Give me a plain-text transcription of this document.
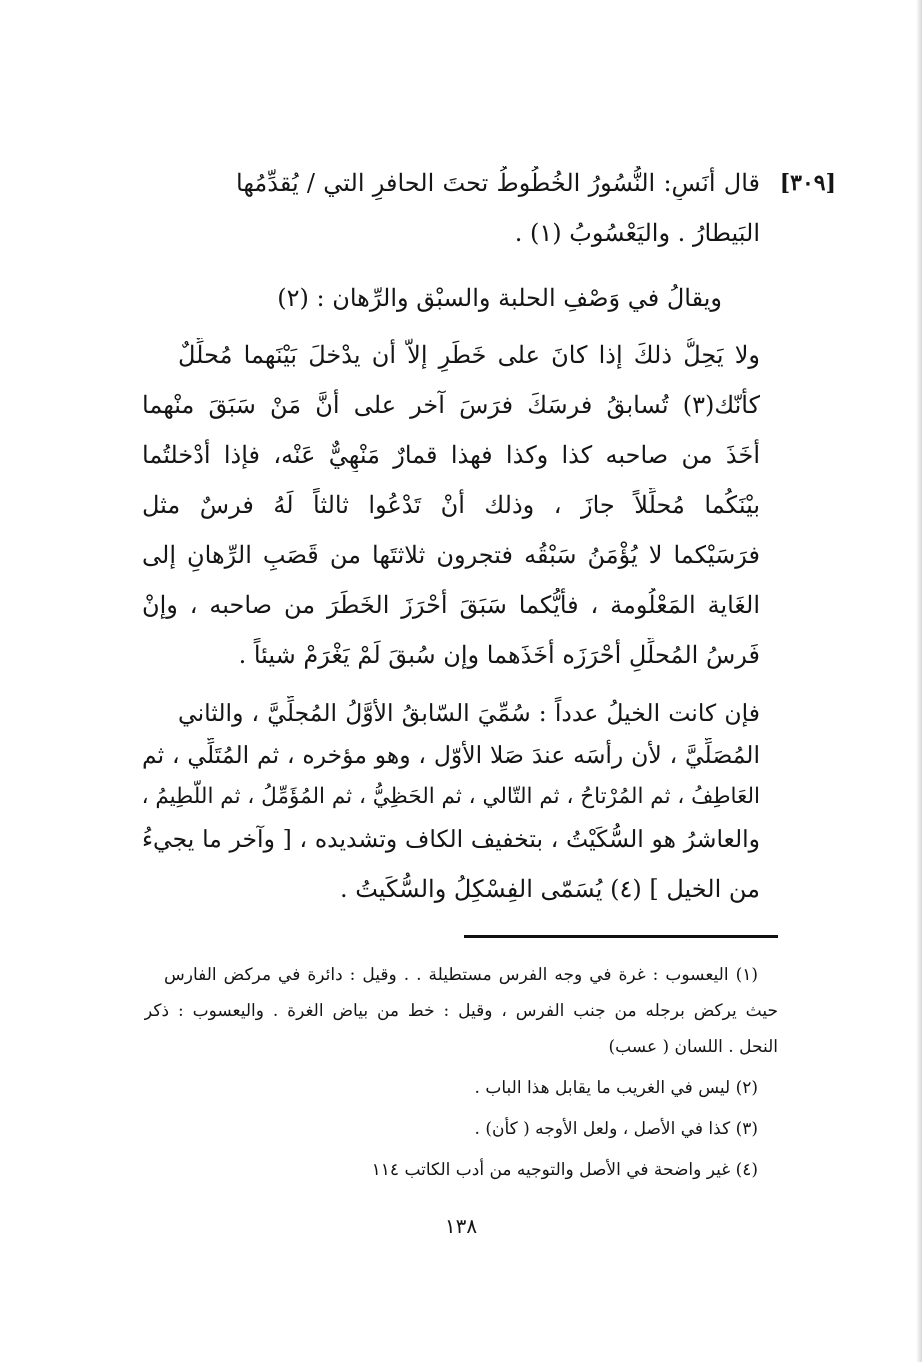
[٣٠٩]
قال أنَسِ: النُّسُورُ الخُطُوطُ تحتَ الحافرِ التي / يُقدِّمُها
البَيطارُ . واليَعْسُوبُ (١) .
ويقالُ في وَصْفِ الحلبة والسبْق والرِّهان : (٢)
ولا يَحِلُّ ذلكَ إذا كانَ على خَطَرٍ إلاّ أن يدْخلَ بَيْنَهما مُحلِّلٌ
كأنّك(٣) تُسابقُ فرسَكَ فرَسَ آخر على أنَّ مَنْ سَبَقَ منْهما
أخَذَ من صاحبه كذا وكذا فهذا قمارٌ مَنْهِيٌّ عَنْه، فإذا أدْخلتُما
بيْنَكُما مُحلِّلاً جازَ ، وذلك أنْ تَدْعُوا ثالثاً لَهُ فرسٌ مثل
فرَسَيْكما لا يُؤْمَنُ سَبْقُه فتجرون ثلاثتَها من قَصَبِ الرِّهانِ إلى
الغَاية المَعْلُومة ، فأيُّكما سَبَقَ أحْرَزَ الخَطَرَ من صاحبه ، وإنْ
فَرسُ المُحلِّلِ أحْرَزَه أخَذَهما وإن سُبقَ لَمْ يَغْرَمْ شيئاً .
فإن كانت الخيلُ عدداً : سُمِّيَ السّابقُ الأوَّلُ المُجلِّيَّ ، والثاني
المُصَلِّيَّ ، لأن رأسَه عندَ صَلا الأوّل ، وهو مؤخره ، ثم المُتَلِّي ، ثم
العَاطِفُ ، ثم المُرْتاحُ ، ثم التّالي ، ثم الحَظِيُّ ، ثم المُؤَمِّلُ ، ثم اللَّطِيمُ ،
والعاشرُ هو السُّكَيْتُ ، بتخفيف الكاف وتشديده ، [ وآخر ما يجيءُ
من الخيل ] (٤) يُسَمّى الفِسْكِلُ والسُّكَيتُ .
(١) اليعسوب : غرة في وجه الفرس مستطيلة . . وقيل : دائرة في مركض الفارس
حيث يركض برجله من جنب الفرس ، وقيل : خط من بياض الغرة . واليعسوب : ذكر
النحل . اللسان ( عسب)
(٢) ليس في الغريب ما يقابل هذا الباب .
(٣) كذا في الأصل ، ولعل الأوجه ( كأن) .
(٤) غير واضحة في الأصل والتوجيه من أدب الكاتب ١١٤
١٣٨
